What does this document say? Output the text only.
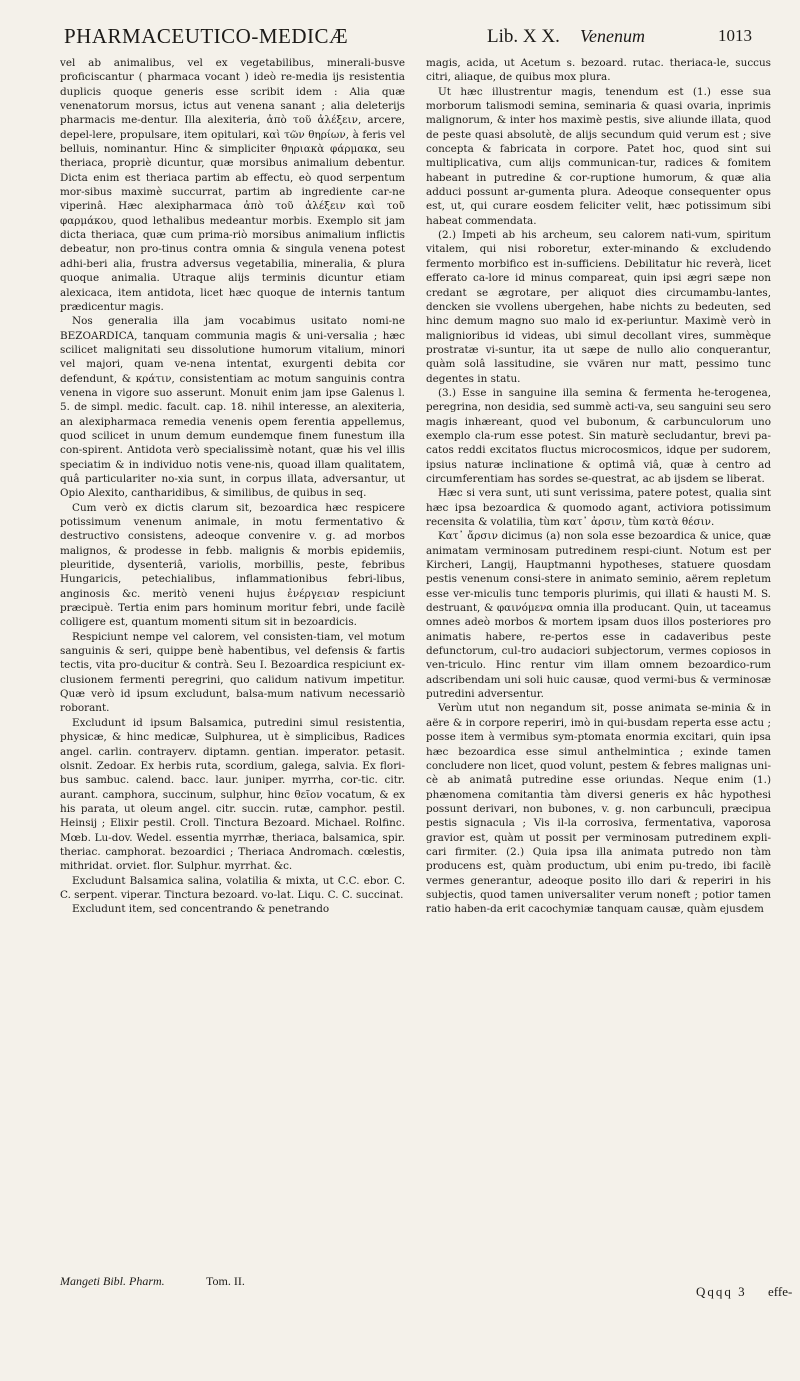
PHARMACEUTICO-MEDICÆ	Lib. X X. Venenum	1013

vel ab animalibus, vel ex vegetabilibus, minerali-busve proficiscantur ( pharmaca vocant ) ideò re-media ijs resistentia duplicis quoque generis esse scribit idem : Alia quæ venenatorum morsus, ictus aut venena sanant ; alia deleterijs pharmacis me-dentur. Illa alexiteria, ἀπὸ τοῦ ἀλέξειν, arcere, depel-lere, propulsare, item opitulari, καὶ τῶν θηρίων, à feris vel belluis, nominantur. Hinc & simpliciter θηριακὰ φάρμακα, seu theriaca, propriè dicuntur, quæ morsibus animalium debentur. Dicta enim est theriaca partim ab effectu, eò quod serpentum mor-sibus maximè succurrat, partim ab ingrediente car-ne viperinâ. Hæc alexipharmaca ἀπὸ τοῦ ἀλέξειν καὶ τοῦ φαρμάκου, quod lethalibus medeantur morbis. Exemplo sit jam dicta theriaca, quæ cum prima-riò morsibus animalium inflictis debeatur, non pro-tinus contra omnia & singula venena potest adhi-beri alia, frustra adversus vegetabilia, mineralia, & plura quoque animalia. Utraque alijs terminis dicuntur etiam alexicaca, item antidota, licet hæc quoque de internis tantum prædicentur magis.

Nos generalia illa jam vocabimus usitato nomi-ne BEZOARDICA, tanquam communia magis & uni-versalia ; hæc scilicet malignitati seu dissolutione humorum vitalium, minori vel majori, quam ve-nena intentat, exurgenti debita cor defendunt, & κράτιν, consistentiam ac motum sanguinis contra venena in vigore suo asserunt. Monuit enim jam ipse Galenus l. 5. de simpl. medic. facult. cap. 18. nihil interesse, an alexiteria, an alexipharmaca remedia venenis opem ferentia appellemus, quod scilicet in unum demum eundemque finem funestum illa con-spirent. Antidota verò specialissimè notant, quæ his vel illis speciatim & in individuo notis vene-nis, quoad illam qualitatem, quâ particulariter no-xia sunt, in corpus illata, adversantur, ut Opio Alexito, cantharidibus, & similibus, de quibus in seq.

Cum verò ex dictis clarum sit, bezoardica hæc respicere potissimum venenum animale, in motu fermentativo & destructivo consistens, adeoque convenire v. g. ad morbos malignos, & prodesse in febb. malignis & morbis epidemiis, pleuritide, dysenteriâ, variolis, morbillis, peste, febribus Hungaricis, petechialibus, inflammationibus febri-libus, anginosis &c. meritò veneni hujus ἐνέργειαν respiciunt præcipuè. Tertia enim pars hominum moritur febri, unde facilè colligere est, quantum momenti situm sit in bezoardicis.

Respiciunt nempe vel calorem, vel consisten-tiam, vel motum sanguinis & seri, quippe benè habentibus, vel defensis & fartis tectis, vita pro-ducitur & contrà. Seu I. Bezoardica respiciunt ex-clusionem fermenti peregrini, quo calidum nativum impetitur. Quæ verò id ipsum excludunt, balsa-mum nativum necessariò roborant.

Excludunt id ipsum Balsamica, putredini simul resistentia, physicæ, & hinc medicæ, Sulphurea, ut è simplicibus, Radices angel. carlin. contrayerv. diptamn. gentian. imperator. petasit. olsnit. Zedoar. Ex herbis ruta, scordium, galega, salvia. Ex flori-bus sambuc. calend. bacc. laur. juniper. myrrha, cor-tic. citr. aurant. camphora, succinum, sulphur, hinc θεῖον vocatum, & ex his parata, ut oleum angel. citr. succin. rutæ, camphor. pestil. Heinsij ; Elixir pestil. Croll. Tinctura Bezoard. Michael. Rolfinc. Mœb. Lu-dov. Wedel. essentia myrrhæ, theriaca, balsamica, spir. theriac. camphorat. bezoardici ; Theriaca Andromach. cœlestis, mithridat. orviet. flor. Sulphur. myrrhat. &c.

Excludunt Balsamica salina, volatilia & mixta, ut C.C. ebor. C. C. serpent. viperar. Tinctura bezoard. vo-lat. Liqu. C. C. succinat.

Excludunt item, sed concentrando & penetrando

magis, acida, ut Acetum s. bezoard. rutac. theriaca-le, succus citri, aliaque, de quibus mox plura.

Ut hæc illustrentur magis, tenendum est (1.) esse sua morborum talismodi semina, seminaria & quasi ovaria, inprimis malignorum, & inter hos maximè pestis, sive aliunde illata, quod de peste quasi absolutè, de alijs secundum quid verum est ; sive concepta & fabricata in corpore. Patet hoc, quod sint sui multiplicativa, cum alijs communican-tur, radices & fomitem habeant in putredine & cor-ruptione humorum, & quæ alia adduci possunt ar-gumenta plura. Adeoque consequenter opus est, ut, qui curare eosdem feliciter velit, hæc potissimum sibi habeat commendata.

(2.) Impeti ab his archeum, seu calorem nati-vum, spiritum vitalem, qui nisi roboretur, exter-minando & excludendo fermento morbifico est in-sufficiens. Debilitatur hic reverà, licet efferato ca-lore id minus compareat, quin ipsi ægri sæpe non credant se ægrotare, per aliquot dies circumambu-lantes, dencken sie vvollens ubergehen, habe nichts zu bedeuten, sed hinc demum magno suo malo id ex-periuntur. Maximè verò in malignioribus id videas, ubi simul decollant vires, summèque prostratæ vi-suntur, ita ut sæpe de nullo alio conquerantur, quàm solâ lassitudine, sie vvären nur matt, pessimo tunc degentes in statu.

(3.) Esse in sanguine illa semina & fermenta he-terogenea, peregrina, non desidia, sed summè acti-va, seu sanguini seu sero magis inhæreant, quod vel bubonum, & carbunculorum uno exemplo cla-rum esse potest. Sin maturè secludantur, brevi pa-catos reddi excitatos fluctus microcosmicos, idque per sudorem, ipsius naturæ inclinatione & optimâ viâ, quæ à centro ad circumferentiam has sordes se-questrat, ac ab ijsdem se liberat.

Hæc si vera sunt, uti sunt verissima, patere potest, qualia sint hæc ipsa bezoardica & quomodo agant, activiora potissimum recensita & volatilia, tùm κατ᾽ ἀρσιν, tùm κατὰ θέσιν.

Κατ᾽ ἄρσιν dicimus (a) non sola esse bezoardica & unice, quæ animatam verminosam putredinem respi-ciunt. Notum est per Kircheri, Langij, Hauptmanni hypotheses, statuere quosdam pestis venenum consi-stere in animato seminio, aërem repletum esse ver-miculis tunc temporis plurimis, qui illati & hausti M. S. destruant, & φαινόμενα omnia illa producant. Quin, ut taceamus omnes adeò morbos & mortem ipsam duos illos posteriores pro animatis habere, re-pertos esse in cadaveribus peste defunctorum, cul-tro audaciori subjectorum, vermes copiosos in ven-triculo. Hinc rentur vim illam omnem bezoardico-rum adscribendam uni soli huic causæ, quod vermi-bus & verminosæ putredini adversentur.

Verùm utut non negandum sit, posse animata se-minia & in aëre & in corpore reperiri, imò in qui-busdam reperta esse actu ; posse item à vermibus sym-ptomata enormia excitari, quin ipsa hæc bezoardica esse simul anthelmintica ; exinde tamen concludere non licet, quod volunt, pestem & febres malignas uni-cè ab animatâ putredine esse oriundas. Neque enim (1.) phænomena comitantia tàm diversi generis ex hâc hypothesi possunt derivari, non bubones, v. g. non carbunculi, præcipua pestis signacula ; Vis il-la corrosiva, fermentativa, vaporosa gravior est, quàm ut possit per verminosam putredinem expli-cari firmiter. (2.) Quia ipsa illa animata putredo non tàm producens est, quàm productum, ubi enim pu-tredo, ibi facilè vermes generantur, adeoque posito illo dari & reperiri in his subjectis, quod tamen universaliter verum noneft ; potior tamen ratio haben-da erit cacochymiæ tanquam causæ, quàm ejusdem

Mangeti Bibl. Pharm.	Tom. II.
Qqqq 3 effe-
